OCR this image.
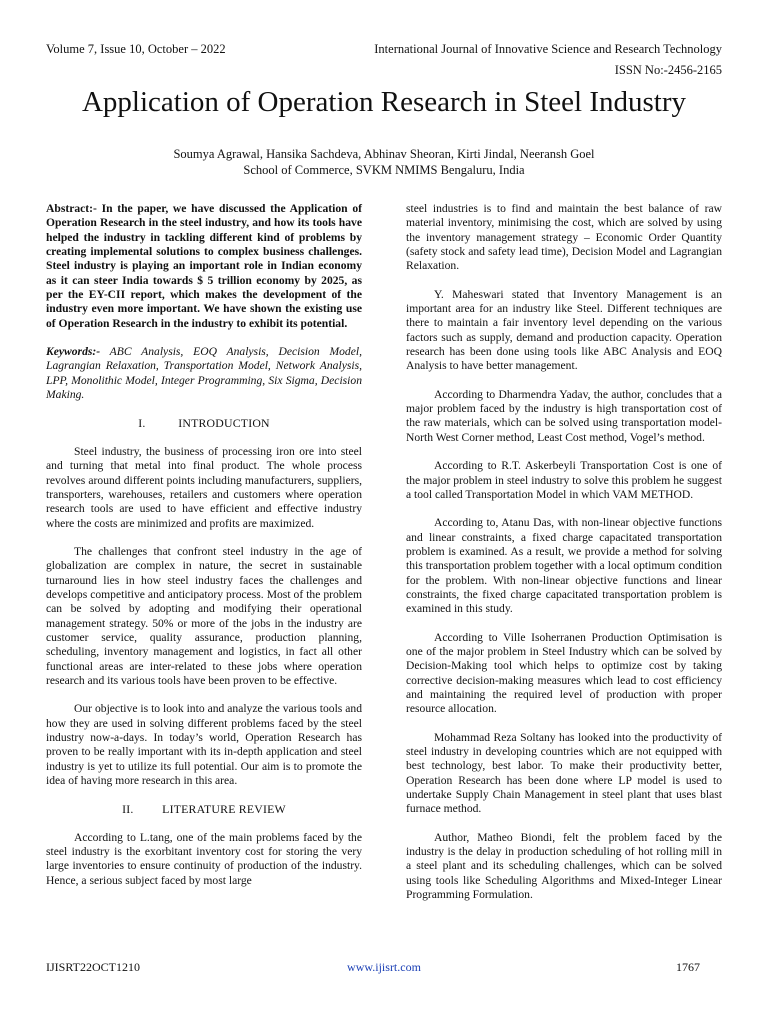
Volume 7, Issue 10, October – 2022	International Journal of Innovative Science and Research Technology
ISSN No:-2456-2165
Application of Operation Research in Steel Industry
Soumya Agrawal, Hansika Sachdeva, Abhinav Sheoran, Kirti Jindal, Neeransh Goel
School of Commerce, SVKM NMIMS Bengaluru, India

Abstract:- In the paper, we have discussed the Application of Operation Research in the steel industry, and how its tools have helped the industry in tackling different kind of problems by creating implemental solutions to complex business challenges. Steel industry is playing an important role in Indian economy as it can steer India towards $ 5 trillion economy by 2025, as per the EY-CII report, which makes the development of the industry even more important. We have shown the existing use of Operation Research in the industry to exhibit its potential.

Keywords:- ABC Analysis, EOQ Analysis, Decision Model, Lagrangian Relaxation, Transportation Model, Network Analysis, LPP, Monolithic Model, Integer Programming, Six Sigma, Decision Making.

I.	INTRODUCTION

Steel industry, the business of processing iron ore into steel and turning that metal into final product. The whole process revolves around different points including manufacturers, suppliers, transporters, warehouses, retailers and customers where operation research tools are used to have efficient and effective industry where the costs are minimized and profits are maximized.

The challenges that confront steel industry in the age of globalization are complex in nature, the secret in sustainable turnaround lies in how steel industry faces the challenges and develops competitive and anticipatory process. Most of the problem can be solved by adopting and modifying their operational management strategy. 50% or more of the jobs in the industry are customer service, quality assurance, production planning, scheduling, inventory management and logistics, in fact all other functional areas are inter-related to these jobs where operation research and its various tools have been proven to be effective.

Our objective is to look into and analyze the various tools and how they are used in solving different problems faced by the steel industry now-a-days. In today’s world, Operation Research has proven to be really important with its in-depth application and steel industry is yet to utilize its full potential. Our aim is to promote the idea of having more research in this area.

II. LITERATURE REVIEW

According to L.tang, one of the main problems faced by the steel industry is the exorbitant inventory cost for storing the very large inventories to ensure continuity of production of the industry. Hence, a serious subject faced by most large

steel industries is to find and maintain the best balance of raw material inventory, minimising the cost, which are solved by using the inventory management strategy – Economic Order Quantity (safety stock and safety lead time), Decision Model and Lagrangian Relaxation.

Y. Maheswari stated that Inventory Management is an important area for an industry like Steel. Different techniques are there to maintain a fair inventory level depending on the various factors such as supply, demand and production capacity. Operation research has been done using tools like ABC Analysis and EOQ Analysis to have better management.

According to Dharmendra Yadav, the author, concludes that a major problem faced by the industry is high transportation cost of the raw materials, which can be solved using transportation model- North West Corner method, Least Cost method, Vogel’s method.

According to R.T. Askerbeyli Transportation Cost is one of the major problem in steel industry to solve this problem he suggest a tool called Transportation Model in which VAM METHOD.

According to, Atanu Das, with non-linear objective functions and linear constraints, a fixed charge capacitated transportation problem is examined. As a result, we provide a method for solving this transportation problem together with a local optimum condition for the problem. With non-linear objective functions and linear constraints, the fixed charge capacitated transportation problem is examined in this study.

According to Ville Isoherranen Production Optimisation is one of the major problem in Steel Industry which can be solved by Decision-Making tool which helps to optimize cost by taking corrective decision-making measures which lead to cost efficiency and maintaining the required level of production with proper resource allocation.

Mohammad Reza Soltany has looked into the productivity of steel industry in developing countries which are not equipped with best technology, best labor. To make their productivity better, Operation Research has been done where LP model is used to undertake Supply Chain Management in steel plant that uses blast furnace method.

Author, Matheo Biondi, felt the problem faced by the industry is the delay in production scheduling of hot rolling mill in a steel plant and its scheduling challenges, which can be solved using tools like Scheduling Algorithms and Mixed-Integer Linear Programming Formulation.

IJISRT22OCT1210	www.ijisrt.com	1767
